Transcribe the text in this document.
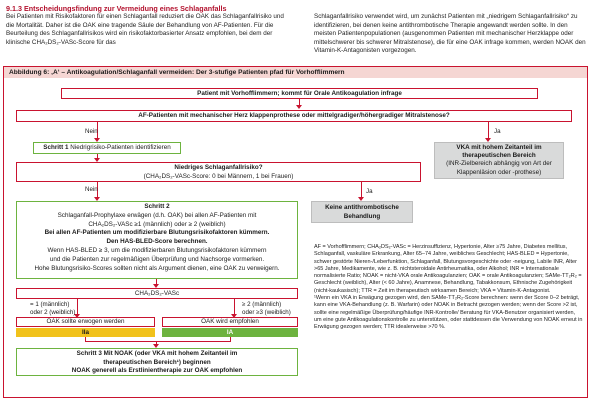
9.1.3 Entscheidungsfindung zur Vermeidung eines Schlaganfalls
Bei Patienten mit Risikofaktoren für einen Schlaganfall reduziert die OAK das Schlaganfallrisiko und die Mortalität. Daher ist die OAK eine tragende Säule der Behandlung von AF-Patienten. Für die Beurteilung des Schlaganfallrisikos wird ein risikofaktorbasierter Ansatz empfohlen, bei dem der klinische CHA₂DS₂-VASc-Score für das
Schlaganfallrisiko verwendet wird, um zunächst Patienten mit „niedrigem Schlaganfallrisiko“ zu identifizieren, bei denen keine antithrombotische Therapie angewandt werden sollte. In den meisten Patientenpopulationen (ausgenommen Patienten mit mechanischer Herzklappe oder mittelschwerer bis schwerer Mitralstenose), die für eine OAK infrage kommen, werden NOAK den Vitamin-K-Antagonisten vorgezogen.
Abbildung 6: ‚A‘ – Antikoagulation/Schlaganfall vermeiden: Der 3-stufige Patienten pfad für Vorhofflimmern
Patient mit Vorhofflimmern; kommt für Orale Antikoagulation infrage
AF-Patienten mit mechanischer Herz klappenprothese oder mittelgradiger/höhergradiger Mitralstenose?
Nein	Ja
Schritt 1 Niedrigrisiko-Patienten identifizieren	VKA mit hohem Zeitanteil im
therapeutischen Bereich
(INR-Zielbereich abhängig von Art der
Klappenläsion oder -prothese)
Niedriges Schlaganfallrisiko?
(CHA₂DS₂-VASc-Score: 0 bei Männern, 1 bei Frauen)
Nein	Ja
Schritt 2
Schlaganfall-Prophylaxe erwägen (d.h. OAK) bei allen AF-Patienten mit
CHA₂DS₂-VASc ≥1 (männlich) oder ≥ 2 (weiblich)
Bei allen AF-Patienten um modifizierbare Blutungsrisikofaktoren kümmern.
Den HAS-BLED-Score berechnen.
Wenn HAS-BLED ≥ 3, um die modifizierbaren Blutungsrisikofaktoren kümmern
und die Patienten zur regelmäßigen Überprüfung und Nachsorge vormerken.
Hohe Blutungsrisiko-Scores sollten nicht als Argument dienen, eine OAK zu verweigern.
Keine antithrombotische
Behandlung
CHA₂DS₂-VASc
= 1 (männlich)
oder 2 (weiblich)
≥ 2 (männlich)
oder ≥3 (weiblich)
OAK sollte erwogen werden
IIa
OAK wird empfohlen
IA
Schritt 3 Mit NOAK (oder VKA mit hohem Zeitanteil im
therapeutischen Bereich¹) beginnen
NOAK generell als Erstlinientherapie zur OAK empfohlen
AF = Vorhofflimmern; CHA₂DS₂-VASc = Herzinsuffizienz, Hypertonie, Alter ≥75 Jahre, Diabetes mellitus, Schlaganfall, vaskuläre Erkrankung, Alter 65–74 Jahre, weibliches Geschlecht; HAS-BLED = Hypertonie, schwer gestörte Nieren-/Leberfunktion, Schlaganfall, Blutungsvorgeschichte oder -neigung, Labile INR, Alter >65 Jahre, Medikamente, wie z. B. nichtsteroidale Antirheumatika, oder Alkohol; INR = Internationale normalisierte Ratio; NOAK = nicht-VKA orale Antikoagulanzien; OAK = orale Antikoagulanzien; SAMe-TT₂R₂ = Geschlecht (weiblich), Alter (< 60 Jahre), Anamnese, Behandlung, Tabakkonsum, Ethnische Zugehörigkeit (nicht-kaukasisch); TTR = Zeit im therapeutisch wirksamen Bereich; VKA = Vitamin-K-Antagonist.
¹Wenn ein VKA in Erwägung gezogen wird, den SAMe-TT₂R₂-Score berechnen: wenn der Score 0–2 beträgt, kann eine VKA-Behandlung (z. B. Warfarin) oder NOAK in Betracht gezogen werden; wenn der Score >2 ist, sollte eine regelmäßige Überprüfung/häufige INR-Kontrolle/ Beratung für VKA-Benutzer organisiert werden, um eine gute Antikoagulationskontrolle zu unterstützen, oder stattdessen die Verwendung von NOAK erneut in Erwägung gezogen werden; TTR idealerweise >70 %.
